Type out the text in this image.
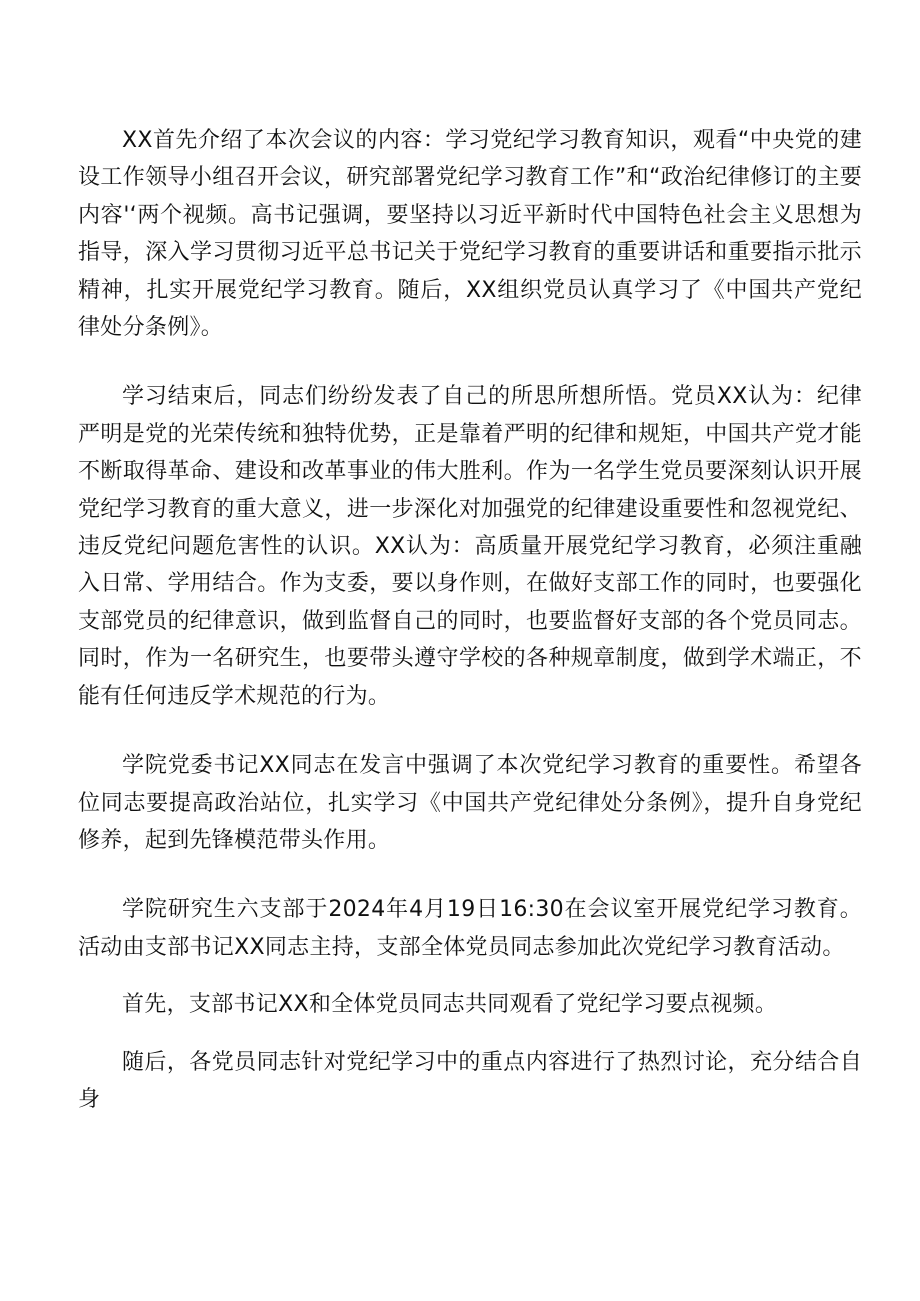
XX首先介绍了本次会议的内容：学习党纪学习教育知识，观看“中央党的建设工作领导小组召开会议，研究部署党纪学习教育工作”和“政治纪律修订的主要内容'‘两个视频。高书记强调，要坚持以习近平新时代中国特色社会主义思想为指导，深入学习贯彻习近平总书记关于党纪学习教育的重要讲话和重要指示批示精神，扎实开展党纪学习教育。随后，XX组织党员认真学习了《中国共产党纪律处分条例》。

学习结束后，同志们纷纷发表了自己的所思所想所悟。党员XX认为：纪律严明是党的光荣传统和独特优势，正是靠着严明的纪律和规矩，中国共产党才能不断取得革命、建设和改革事业的伟大胜利。作为一名学生党员要深刻认识开展党纪学习教育的重大意义，进一步深化对加强党的纪律建设重要性和忽视党纪、违反党纪问题危害性的认识。XX认为：高质量开展党纪学习教育，必须注重融入日常、学用结合。作为支委，要以身作则，在做好支部工作的同时，也要强化支部党员的纪律意识，做到监督自己的同时，也要监督好支部的各个党员同志。同时，作为一名研究生，也要带头遵守学校的各种规章制度，做到学术端正，不能有任何违反学术规范的行为。

学院党委书记XX同志在发言中强调了本次党纪学习教育的重要性。希望各位同志要提高政治站位，扎实学习《中国共产党纪律处分条例》，提升自身党纪修养，起到先锋模范带头作用。

学院研究生六支部于2024年4月19日16:30在会议室开展党纪学习教育。活动由支部书记XX同志主持，支部全体党员同志参加此次党纪学习教育活动。

首先，支部书记XX和全体党员同志共同观看了党纪学习要点视频。

随后，各党员同志针对党纪学习中的重点内容进行了热烈讨论，充分结合自身
